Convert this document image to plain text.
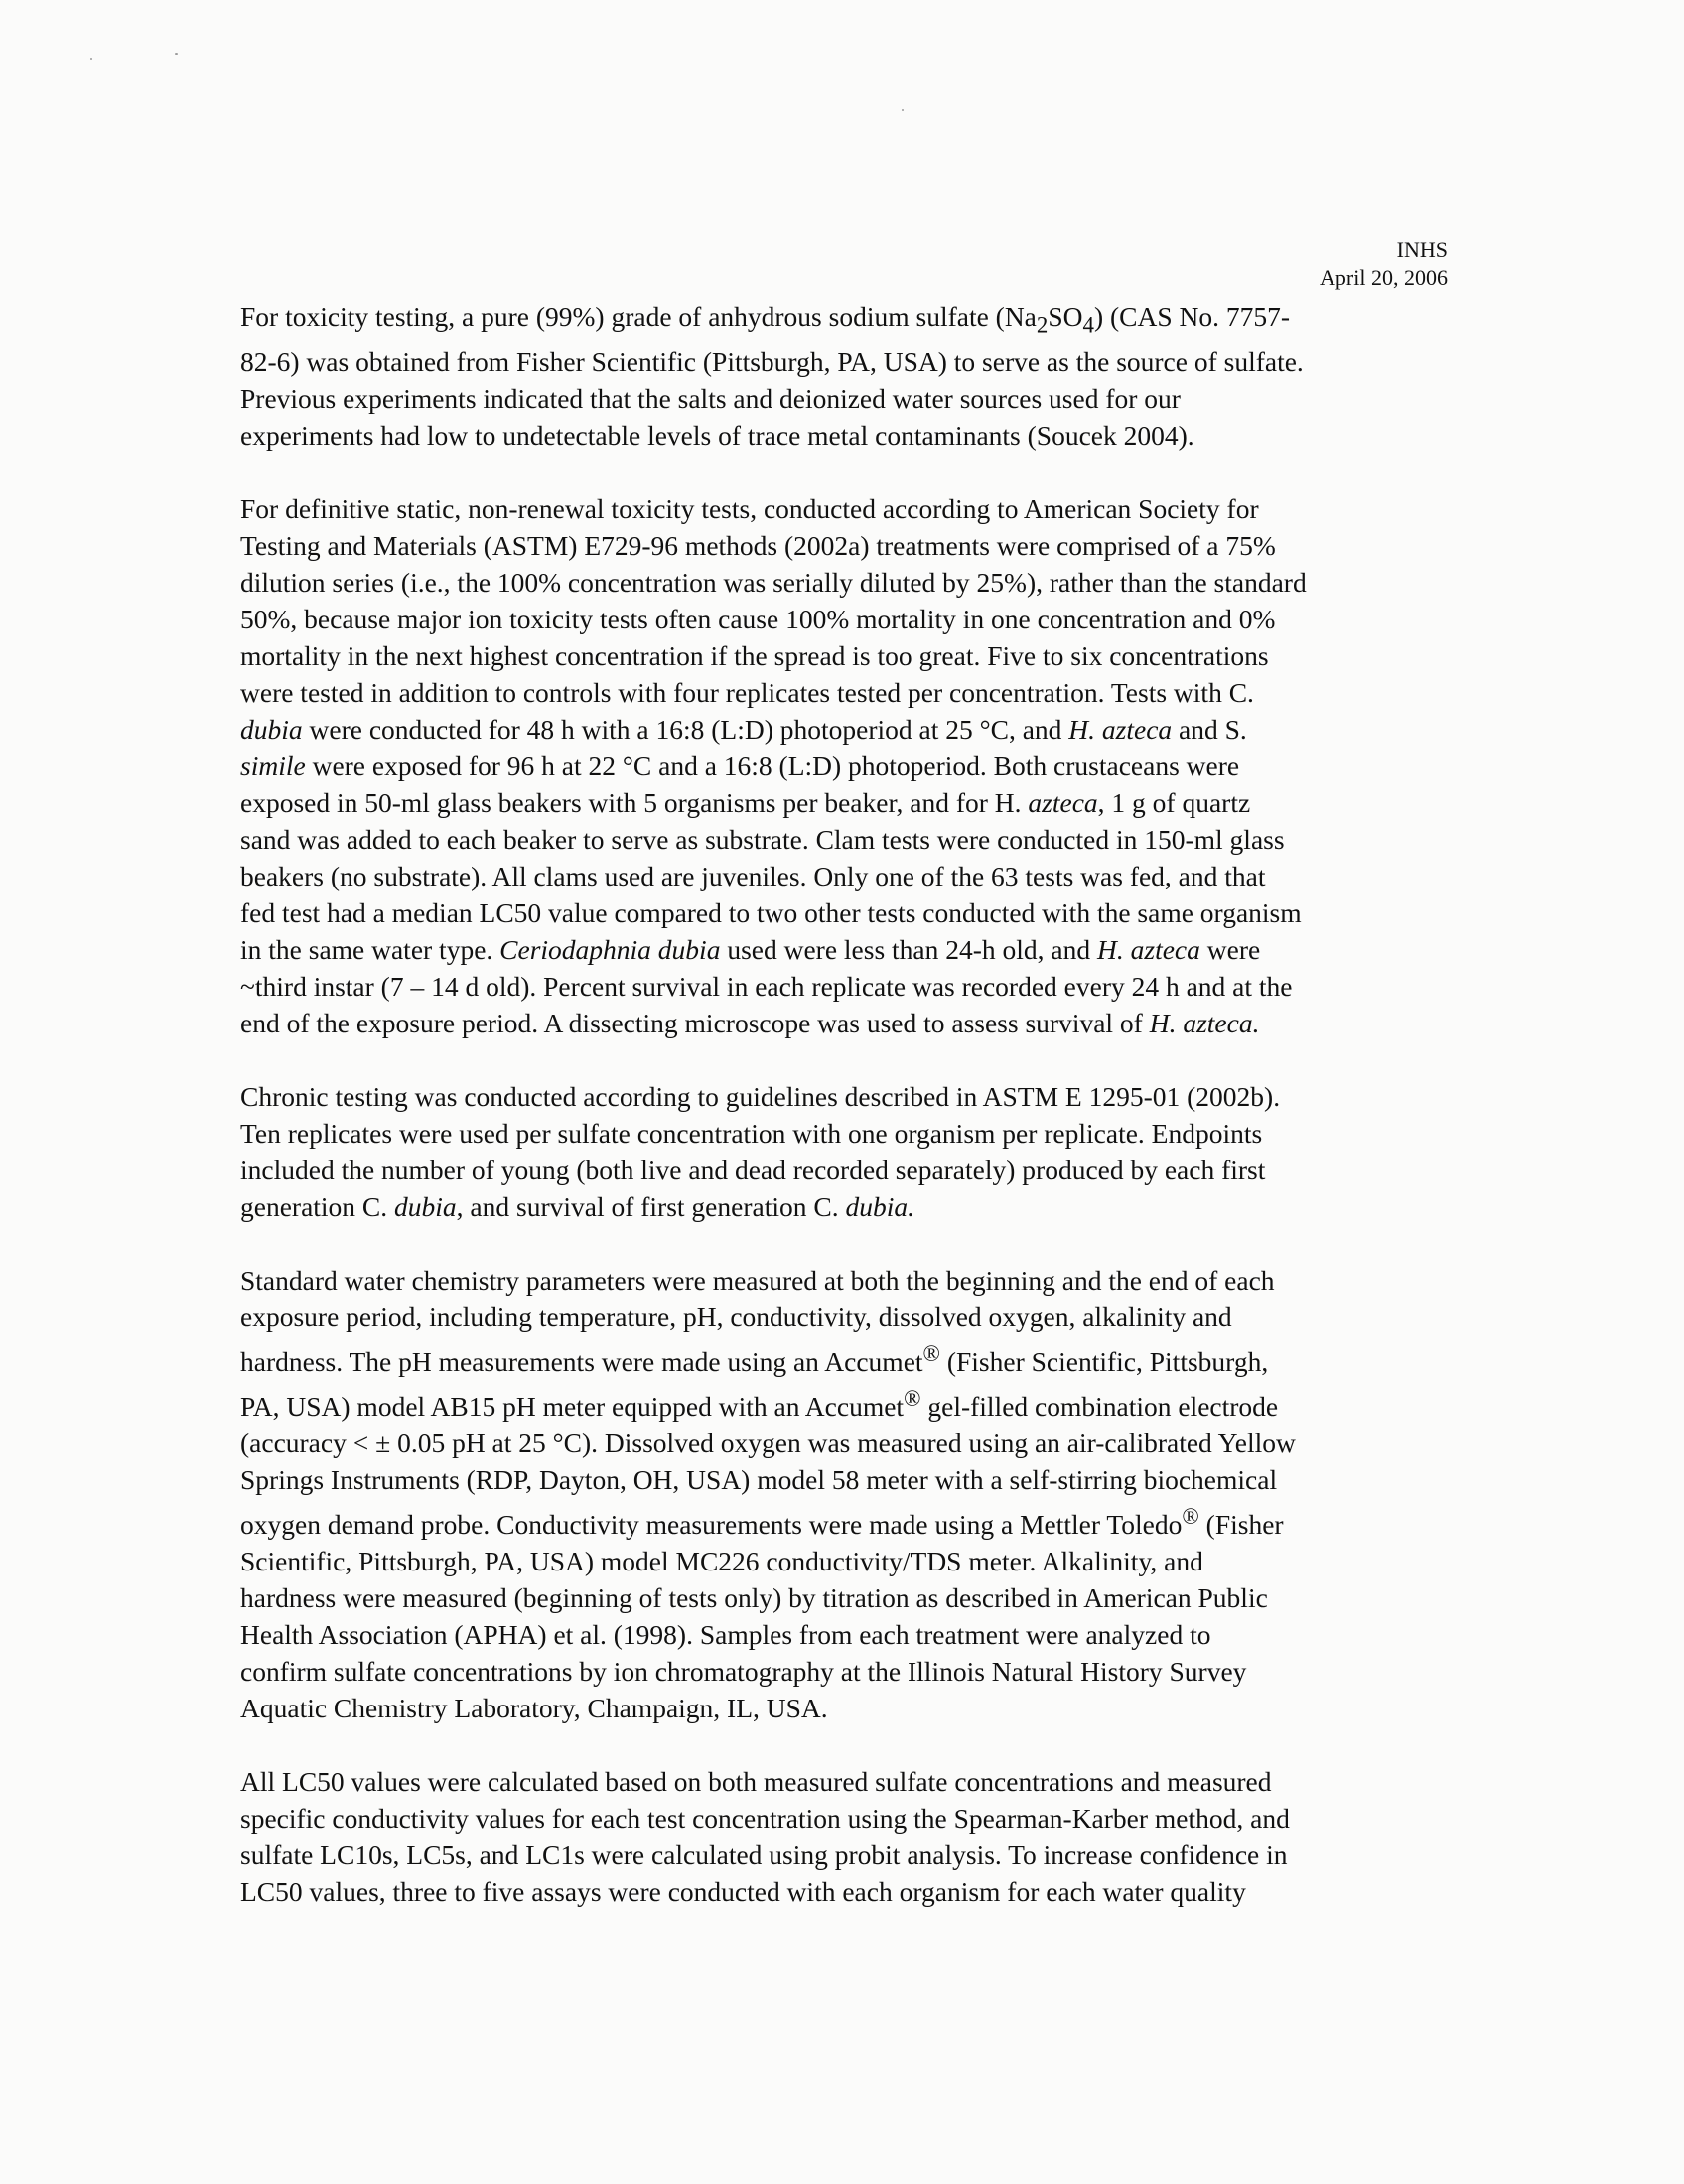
INHS
April 20, 2006
For toxicity testing, a pure (99%) grade of anhydrous sodium sulfate $(Na_2SO_4)$ (CAS No. 7757-
82-6) was obtained from Fisher Scientific (Pittsburgh, PA, USA) to serve as the source of sulfate.
Previous experiments indicated that the salts and deionized water sources used for our
experiments had low to undetectable levels of trace metal contaminants (Soucek 2004).
For definitive static, non-renewal toxicity tests, conducted according to American Society for
Testing and Materials (ASTM) E729-96 methods (2002a) treatments were comprised of a 75%
dilution series (i.e., the 100% concentration was serially diluted by 25%), rather than the standard
50%, because major ion toxicity tests often cause 100% mortality in one concentration and 0%
mortality in the next highest concentration if the spread is too great. Five to six concentrations
were tested in addition to controls with four replicates tested per concentration. Tests with C.
dubia were conducted for 48 h with a 16:8 (L:D) photoperiod at 25 °C, and H. azteca and S.
simile were exposed for 96 h at 22 °C and a 16:8 (L:D) photoperiod. Both crustaceans were
exposed in 50-ml glass beakers with 5 organisms per beaker, and for H. azteca, 1 g of quartz
sand was added to each beaker to serve as substrate. Clam tests were conducted in 150-ml glass
beakers (no substrate). All clams used are juveniles. Only one of the 63 tests was fed, and that
fed test had a median LC50 value compared to two other tests conducted with the same organism
in the same water type. Ceriodaphnia dubia used were less than 24-h old, and H. azteca were
~third instar (7 – 14 d old). Percent survival in each replicate was recorded every 24 h and at the
end of the exposure period. A dissecting microscope was used to assess survival of H. azteca.
Chronic testing was conducted according to guidelines described in ASTM E 1295-01 (2002b).
Ten replicates were used per sulfate concentration with one organism per replicate. Endpoints
included the number of young (both live and dead recorded separately) produced by each first
generation C. dubia, and survival of first generation C. dubia.
Standard water chemistry parameters were measured at both the beginning and the end of each
exposure period, including temperature, pH, conductivity, dissolved oxygen, alkalinity and
hardness. The pH measurements were made using an Accumet® (Fisher Scientific, Pittsburgh,
PA, USA) model AB15 pH meter equipped with an Accumet® gel-filled combination electrode
(accuracy < ± 0.05 pH at 25 °C). Dissolved oxygen was measured using an air-calibrated Yellow
Springs Instruments (RDP, Dayton, OH, USA) model 58 meter with a self-stirring biochemical
oxygen demand probe. Conductivity measurements were made using a Mettler Toledo® (Fisher
Scientific, Pittsburgh, PA, USA) model MC226 conductivity/TDS meter. Alkalinity, and
hardness were measured (beginning of tests only) by titration as described in American Public
Health Association (APHA) et al. (1998). Samples from each treatment were analyzed to
confirm sulfate concentrations by ion chromatography at the Illinois Natural History Survey
Aquatic Chemistry Laboratory, Champaign, IL, USA.
All LC50 values were calculated based on both measured sulfate concentrations and measured
specific conductivity values for each test concentration using the Spearman-Karber method, and
sulfate LC10s, LC5s, and LC1s were calculated using probit analysis. To increase confidence in
LC50 values, three to five assays were conducted with each organism for each water quality
